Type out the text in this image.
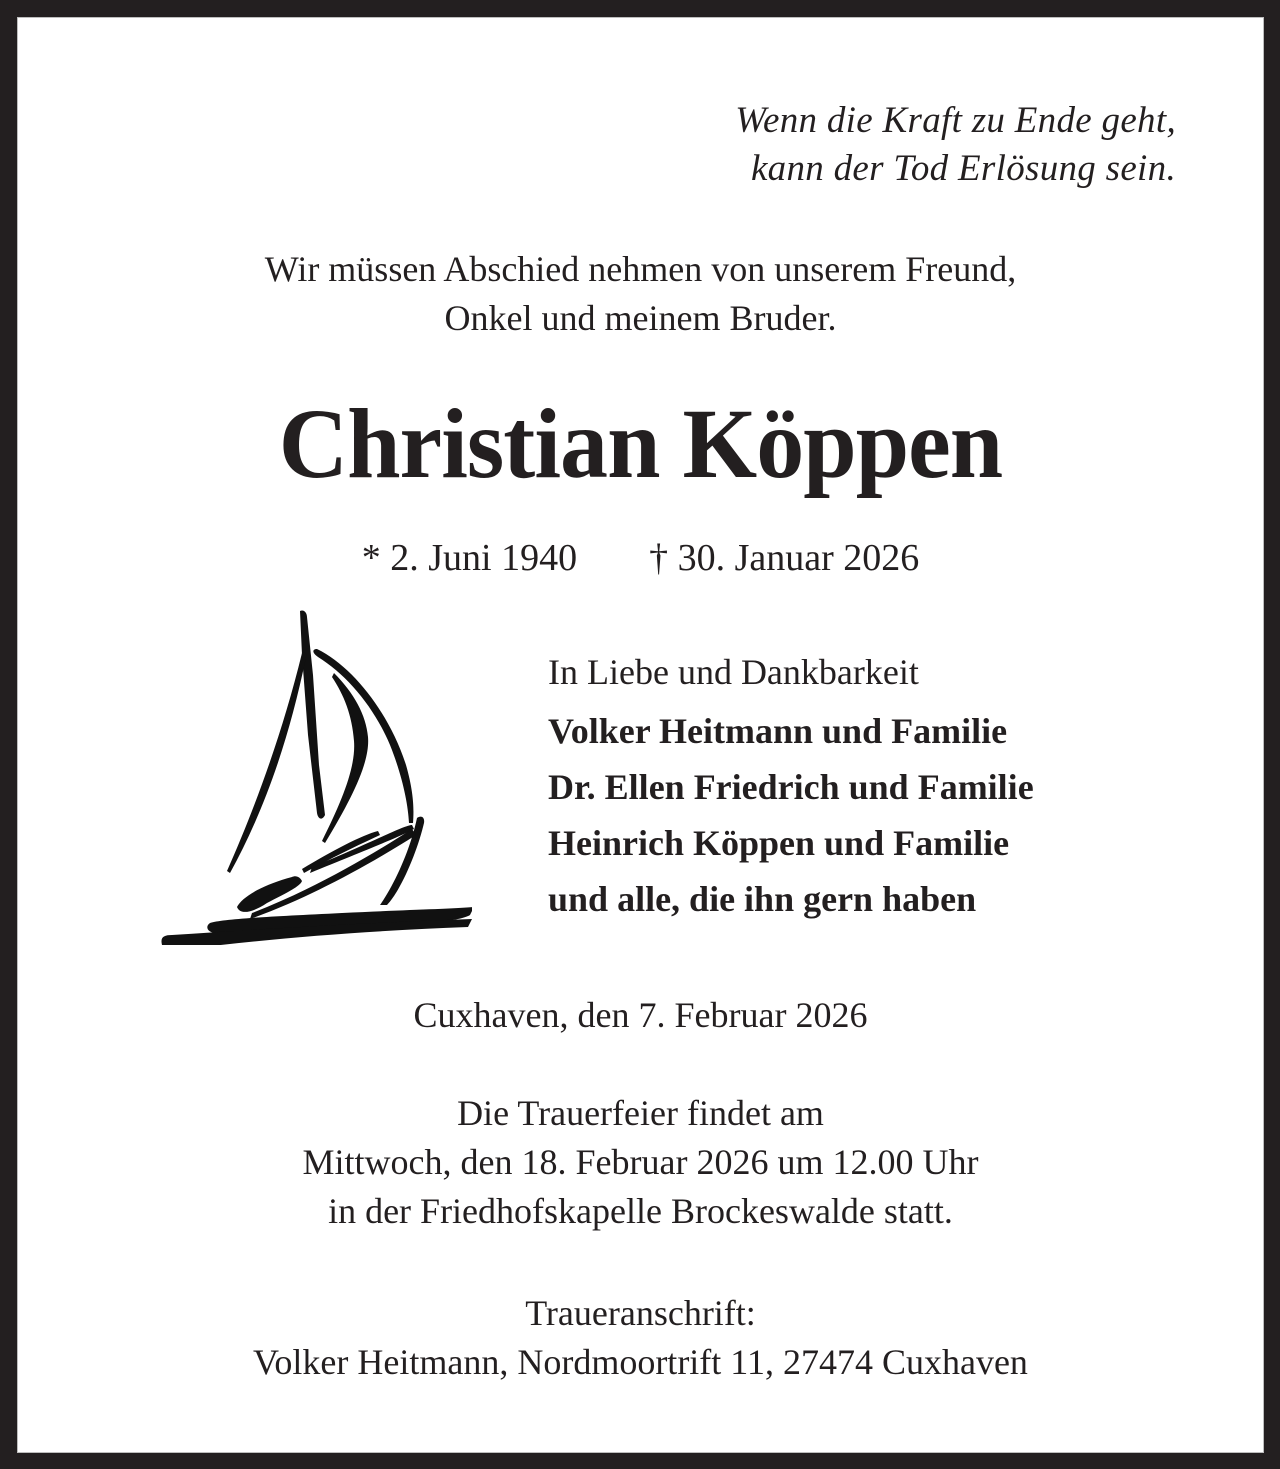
Wenn die Kraft zu Ende geht,
kann der Tod Erlösung sein.
Wir müssen Abschied nehmen von unserem Freund,
Onkel und meinem Bruder.
Christian Köppen
* 2. Juni 1940 † 30. Januar 2026
In Liebe und Dankbarkeit
Volker Heitmann und Familie
Dr. Ellen Friedrich und Familie
Heinrich Köppen und Familie
und alle, die ihn gern haben
Cuxhaven, den 7. Februar 2026
Die Trauerfeier findet am
Mittwoch, den 18. Februar 2026 um 12.00 Uhr
in der Friedhofskapelle Brockeswalde statt.
Traueranschrift:
Volker Heitmann, Nordmoortrift 11, 27474 Cuxhaven
